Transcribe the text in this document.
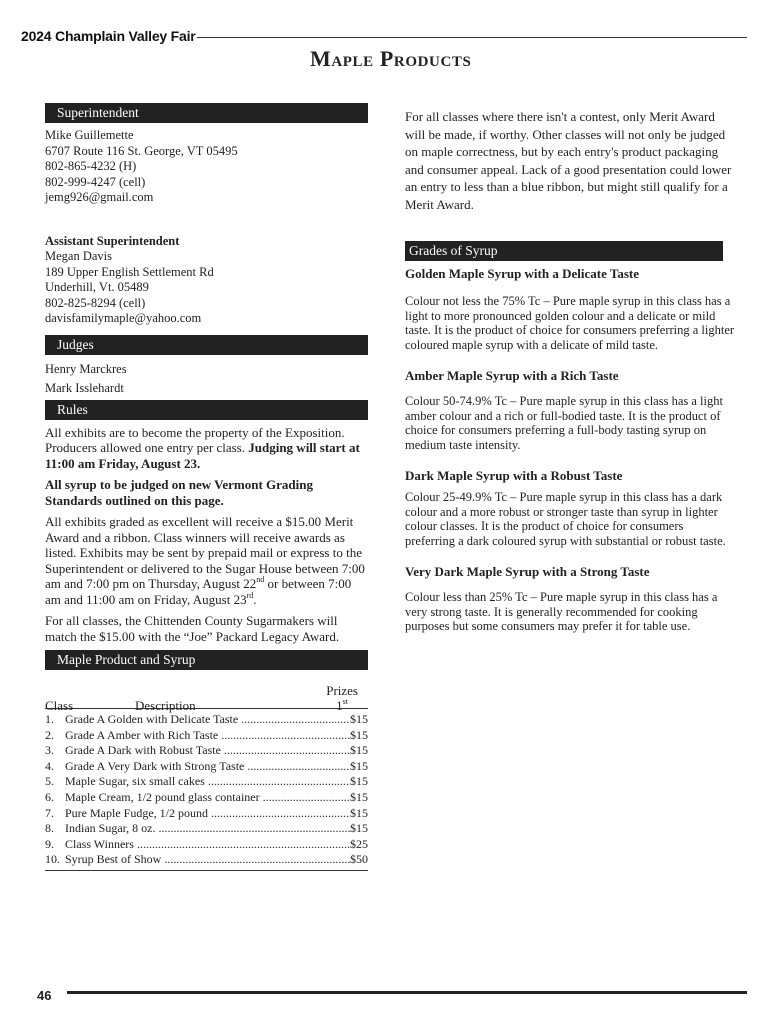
2024 Champlain Valley Fair
Maple Products
Superintendent
Mike Guillemette
6707 Route 116 St. George, VT 05495
802-865-4232 (H)
802-999-4247 (cell)
jemg926@gmail.com
Assistant Superintendent
Megan Davis
189 Upper English Settlement Rd
Underhill, Vt. 05489
802-825-8294 (cell)
davisfamilymaple@yahoo.com
Judges
Henry Marckres
Mark Isslehardt
Rules
All exhibits are to become the property of the Exposition. Producers allowed one entry per class. Judging will start at 11:00 am Friday, August 23.
All syrup to be judged on new Vermont Grading Standards outlined on this page.
All exhibits graded as excellent will receive a $15.00 Merit Award and a ribbon. Class winners will receive awards as listed. Exhibits may be sent by prepaid mail or express to the Superintendent or delivered to the Sugar House between 7:00 am and 7:00 pm on Thursday, August 22nd or between 7:00 am and 11:00 am on Friday, August 23rd.
For all classes, the Chittenden County Sugarmakers will match the $15.00 with the “Joe” Packard Legacy Award.
Maple Product and Syrup
Prizes
Class	Description	1st
1. Grade A Golden with Delicate Taste .....	$15
2. Grade A Amber with Rich Taste .....	$15
3. Grade A Dark with Robust Taste .....	$15
4. Grade A Very Dark with Strong Taste .....	$15
5. Maple Sugar, six small cakes .....	$15
6. Maple Cream, 1/2 pound glass container .....	$15
7. Pure Maple Fudge, 1/2 pound .....	$15
8. Indian Sugar, 8 oz. .....	$15
9. Class Winners .....	$25
10. Syrup Best of Show .....	$50
For all classes where there isn't a contest, only Merit Award will be made, if worthy. Other classes will not only be judged on maple correctness, but by each entry's product packaging and consumer appeal. Lack of a good presentation could lower an entry to less than a blue ribbon, but might still qualify for a Merit Award.
Grades of Syrup
Golden Maple Syrup with a Delicate Taste
Colour not less the 75% Tc – Pure maple syrup in this class has a light to more pronounced golden colour and a delicate or mild taste. It is the product of choice for consumers preferring a lighter coloured maple syrup with a delicate of mild taste.
Amber Maple Syrup with a Rich Taste
Colour 50-74.9% Tc – Pure maple syrup in this class has a light amber colour and a rich or full-bodied taste. It is the product of choice for consumers preferring a full-body tasting syrup on medium taste intensity.
Dark Maple Syrup with a Robust Taste
Colour 25-49.9% Tc – Pure maple syrup in this class has a dark colour and a more robust or stronger taste than syrup in lighter colour classes. It is the product of choice for consumers preferring a dark coloured syrup with substantial or robust taste.
Very Dark Maple Syrup with a Strong Taste
Colour less than 25% Tc – Pure maple syrup in this class has a very strong taste. It is generally recommended for cooking purposes but some consumers may prefer it for table use.
46
